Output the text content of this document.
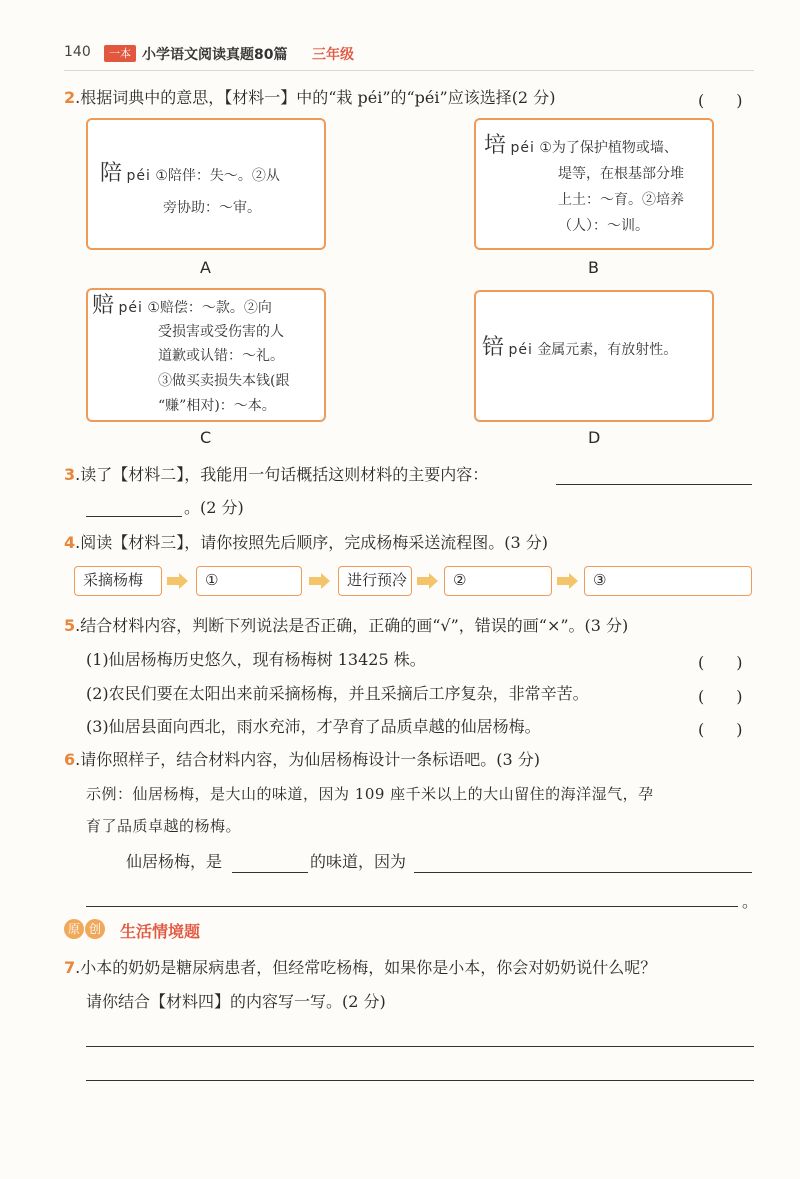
140	一本 小学语文阅读真题80篇 三年级
2.根据词典中的意思，【材料一】中的“栽 péi”的“péi”应该选择(2 分)	(　　)
陪 péi ①陪伴：失～。②从
旁协助：～审。
A
培 péi ①为了保护植物或墙、
堤等，在根基部分堆
上土：～育。②培养
（人）：～训。
B
赔 péi ①赔偿：～款。②向
受损害或受伤害的人
道歉或认错：～礼。
③做买卖损失本钱(跟
“赚”相对)：～本。
C
锫 péi 金属元素，有放射性。
D
3.读了【材料二】，我能用一句话概括这则材料的主要内容：
。(2 分)
4.阅读【材料三】，请你按照先后顺序，完成杨梅采送流程图。(3 分)
采摘杨梅	①	进行预冷	②	③
5.结合材料内容，判断下列说法是否正确，正确的画“√”，错误的画“×”。(3 分)
(1)仙居杨梅历史悠久，现有杨梅树 13425 株。	(　　)
(2)农民们要在太阳出来前采摘杨梅，并且采摘后工序复杂，非常辛苦。	(　　)
(3)仙居县面向西北，雨水充沛，才孕育了品质卓越的仙居杨梅。	(　　)
6.请你照样子，结合材料内容，为仙居杨梅设计一条标语吧。(3 分)
示例：仙居杨梅，是大山的味道，因为 109 座千米以上的大山留住的海洋湿气，孕
育了品质卓越的杨梅。
仙居杨梅，是	的味道，因为
。
原 创 生活情境题
7.小本的奶奶是糖尿病患者，但经常吃杨梅，如果你是小本，你会对奶奶说什么呢？
请你结合【材料四】的内容写一写。(2 分)
